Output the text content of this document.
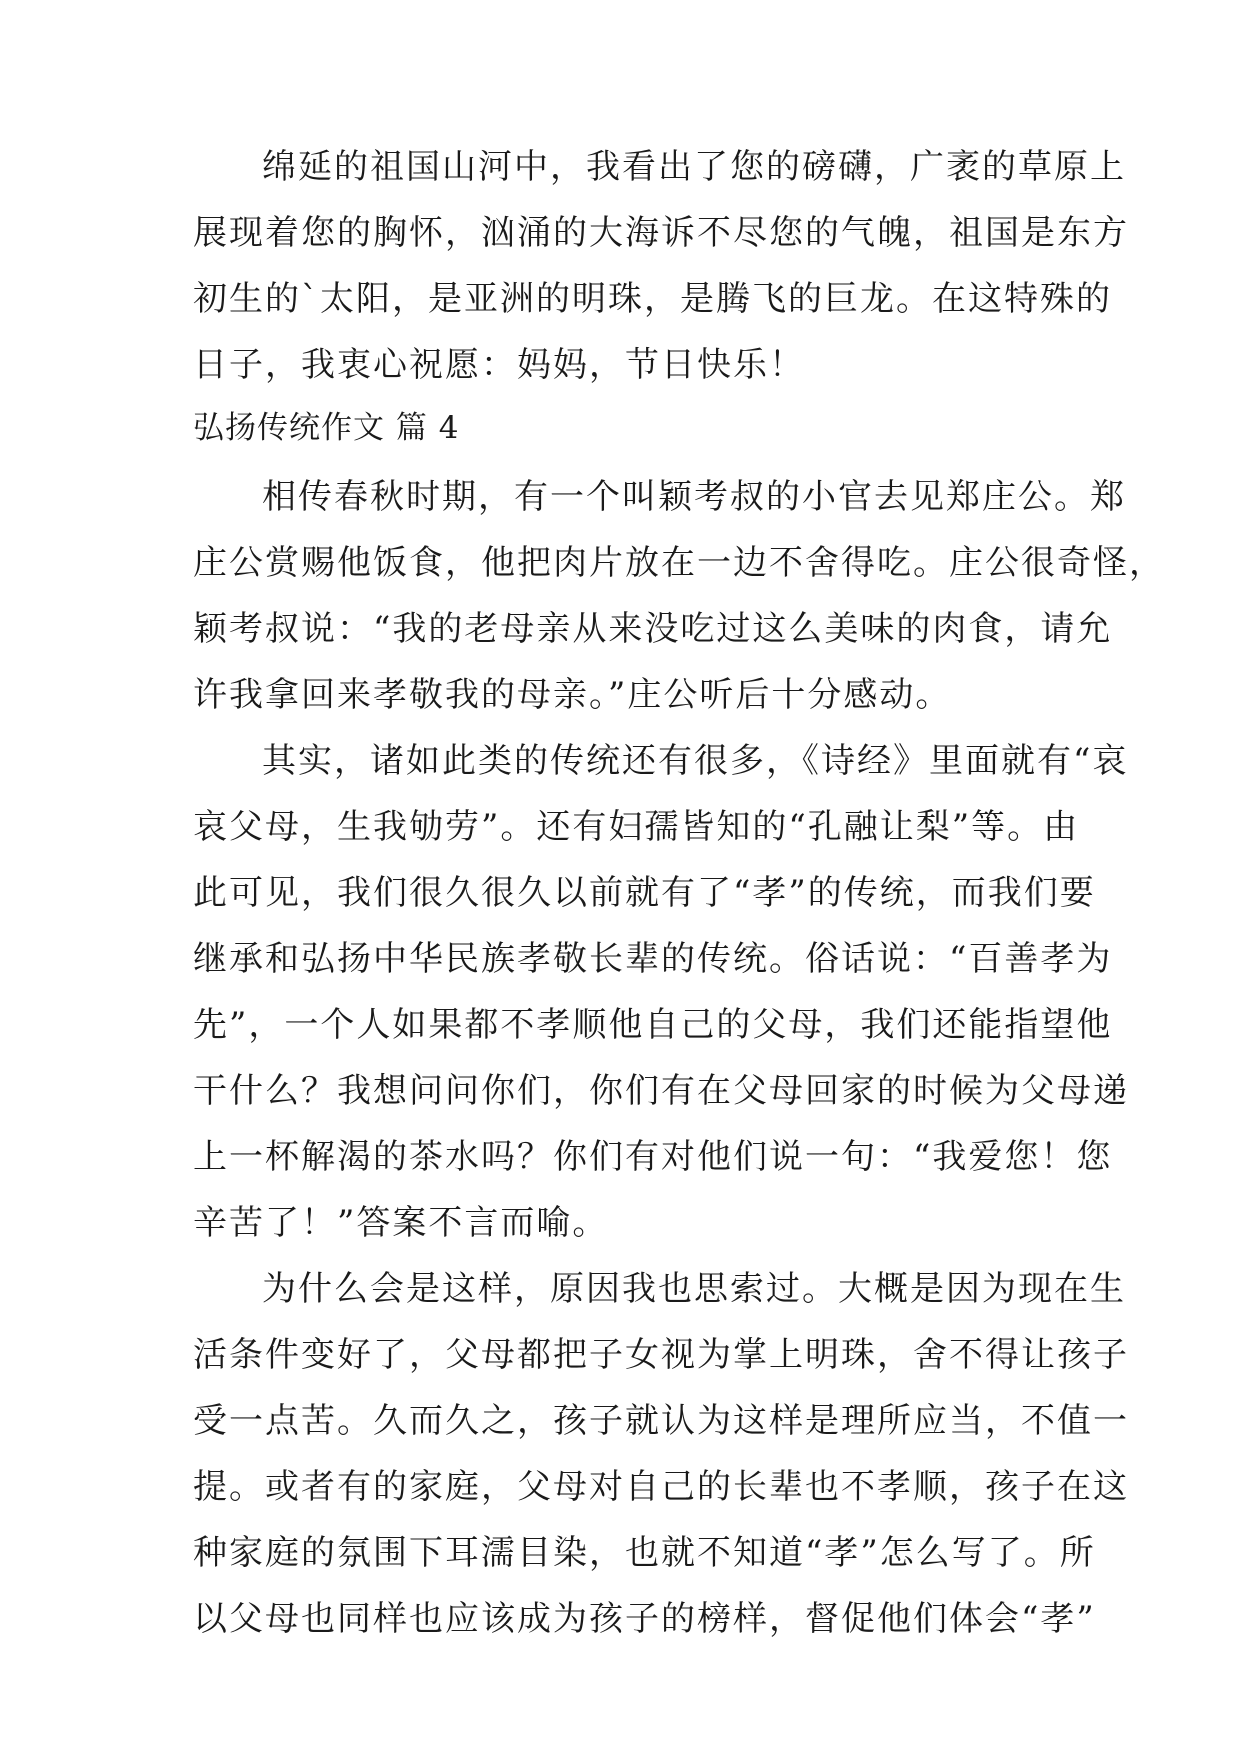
绵延的祖国山河中，我看出了您的磅礴，广袤的草原上
展现着您的胸怀，汹涌的大海诉不尽您的气魄，祖国是东方
初生的`太阳，是亚洲的明珠，是腾飞的巨龙。在这特殊的
日子，我衷心祝愿：妈妈，节日快乐！
弘扬传统作文 篇 4
相传春秋时期，有一个叫颖考叔的小官去见郑庄公。郑
庄公赏赐他饭食，他把肉片放在一边不舍得吃。庄公很奇怪，
颖考叔说：“我的老母亲从来没吃过这么美味的肉食，请允
许我拿回来孝敬我的母亲。”庄公听后十分感动。
其实，诸如此类的传统还有很多，《诗经》里面就有“哀
哀父母，生我劬劳”。还有妇孺皆知的“孔融让梨”等。由
此可见，我们很久很久以前就有了“孝”的传统，而我们要
继承和弘扬中华民族孝敬长辈的传统。俗话说：“百善孝为
先”，一个人如果都不孝顺他自己的父母，我们还能指望他
干什么？我想问问你们，你们有在父母回家的时候为父母递
上一杯解渴的茶水吗？你们有对他们说一句：“我爱您！您
辛苦了！”答案不言而喻。
为什么会是这样，原因我也思索过。大概是因为现在生
活条件变好了，父母都把子女视为掌上明珠，舍不得让孩子
受一点苦。久而久之，孩子就认为这样是理所应当，不值一
提。或者有的家庭，父母对自己的长辈也不孝顺，孩子在这
种家庭的氛围下耳濡目染，也就不知道“孝”怎么写了。所
以父母也同样也应该成为孩子的榜样，督促他们体会“孝”
